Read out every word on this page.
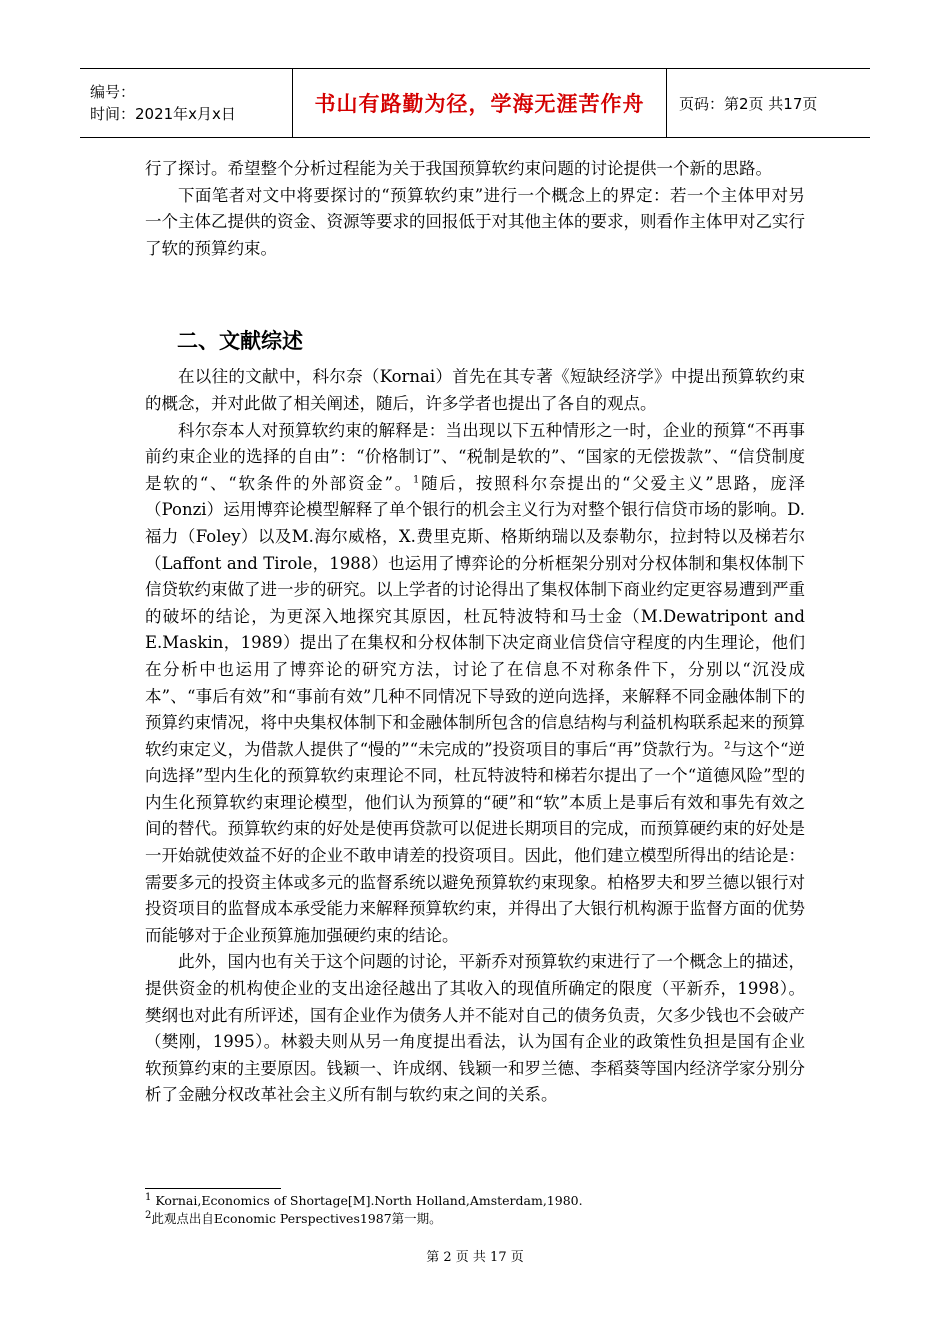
编号：
时间：2021年x月x日	书山有路勤为径，学海无涯苦作舟	页码：第2页 共17页

行了探讨。希望整个分析过程能为关于我国预算软约束问题的讨论提供一个新的思路。

下面笔者对文中将要探讨的“预算软约束”进行一个概念上的界定：若一个主体甲对另一个主体乙提供的资金、资源等要求的回报低于对其他主体的要求，则看作主体甲对乙实行了软的预算约束。

二、文献综述

在以往的文献中，科尔奈（Kornai）首先在其专著《短缺经济学》中提出预算软约束的概念，并对此做了相关阐述，随后，许多学者也提出了各自的观点。

科尔奈本人对预算软约束的解释是：当出现以下五种情形之一时，企业的预算“不再事前约束企业的选择的自由”：“价格制订”、“税制是软的”、“国家的无偿拨款”、“信贷制度是软的“、“软条件的外部资金”。$^1$随后，按照科尔奈提出的“父爱主义”思路，庞泽（Ponzi）运用博弈论模型解释了单个银行的机会主义行为对整个银行信贷市场的影响。D.福力（Foley）以及M.海尔威格，X.费里克斯、格斯纳瑞以及泰勒尔，拉封特以及梯若尔（Laffont and Tirole，1988）也运用了博弈论的分析框架分别对分权体制和集权体制下信贷软约束做了进一步的研究。以上学者的讨论得出了集权体制下商业约定更容易遭到严重的破坏的结论，为更深入地探究其原因，杜瓦特波特和马士金（M.Dewatripont and E.Maskin，1989）提出了在集权和分权体制下决定商业信贷信守程度的内生理论，他们在分析中也运用了博弈论的研究方法，讨论了在信息不对称条件下，分别以“沉没成本”、“事后有效”和“事前有效”几种不同情况下导致的逆向选择，来解释不同金融体制下的预算约束情况，将中央集权体制下和金融体制所包含的信息结构与利益机构联系起来的预算软约束定义，为借款人提供了“慢的”“未完成的”投资项目的事后“再”贷款行为。$^2$与这个“逆向选择”型内生化的预算软约束理论不同，杜瓦特波特和梯若尔提出了一个“道德风险”型的内生化预算软约束理论模型，他们认为预算的“硬”和“软”本质上是事后有效和事先有效之间的替代。预算软约束的好处是使再贷款可以促进长期项目的完成，而预算硬约束的好处是一开始就使效益不好的企业不敢申请差的投资项目。因此，他们建立模型所得出的结论是：需要多元的投资主体或多元的监督系统以避免预算软约束现象。柏格罗夫和罗兰德以银行对投资项目的监督成本承受能力来解释预算软约束，并得出了大银行机构源于监督方面的优势而能够对于企业预算施加强硬约束的结论。

此外，国内也有关于这个问题的讨论，平新乔对预算软约束进行了一个概念上的描述，提供资金的机构使企业的支出途径越出了其收入的现值所确定的限度（平新乔，1998）。樊纲也对此有所评述，国有企业作为债务人并不能对自己的债务负责，欠多少钱也不会破产（樊刚，1995）。林毅夫则从另一角度提出看法，认为国有企业的政策性负担是国有企业软预算约束的主要原因。钱颖一、许成纲、钱颖一和罗兰德、李稻葵等国内经济学家分别分析了金融分权改革社会主义所有制与软约束之间的关系。

$^1$ Kornai,Economics of Shortage[M].North Holland,Amsterdam,1980.
$^2$此观点出自Economic Perspectives1987第一期。
第 2 页 共 17 页
